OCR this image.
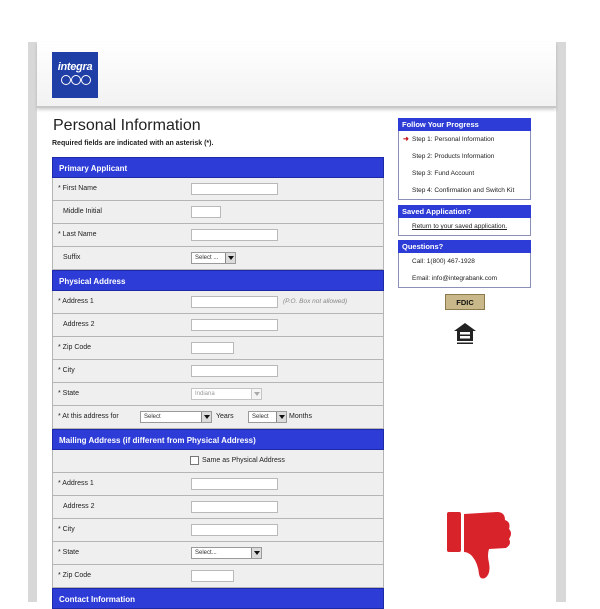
integra
Personal Information
Required fields are indicated with an asterisk (*).
Primary Applicant
* First Name
Middle Initial
* Last Name
Suffix	Select ...
Physical Address
* Address 1	(P.O. Box not allowed)
Address 2
* Zip Code
* City
* State	Indiana
* At this address for	Select	Years	Select	Months
Mailing Address (if different from Physical Address)
Same as Physical Address
* Address 1
Address 2
* City
* State	Select...
* Zip Code
Contact Information
Follow Your Progress
➜ Step 1: Personal Information
Step 2: Products Information
Step 3: Fund Account
Step 4: Confirmation and Switch Kit
Saved Application?
Return to your saved application.
Questions?
Call: 1(800) 467-1928
Email: info@integrabank.com
FDIC
